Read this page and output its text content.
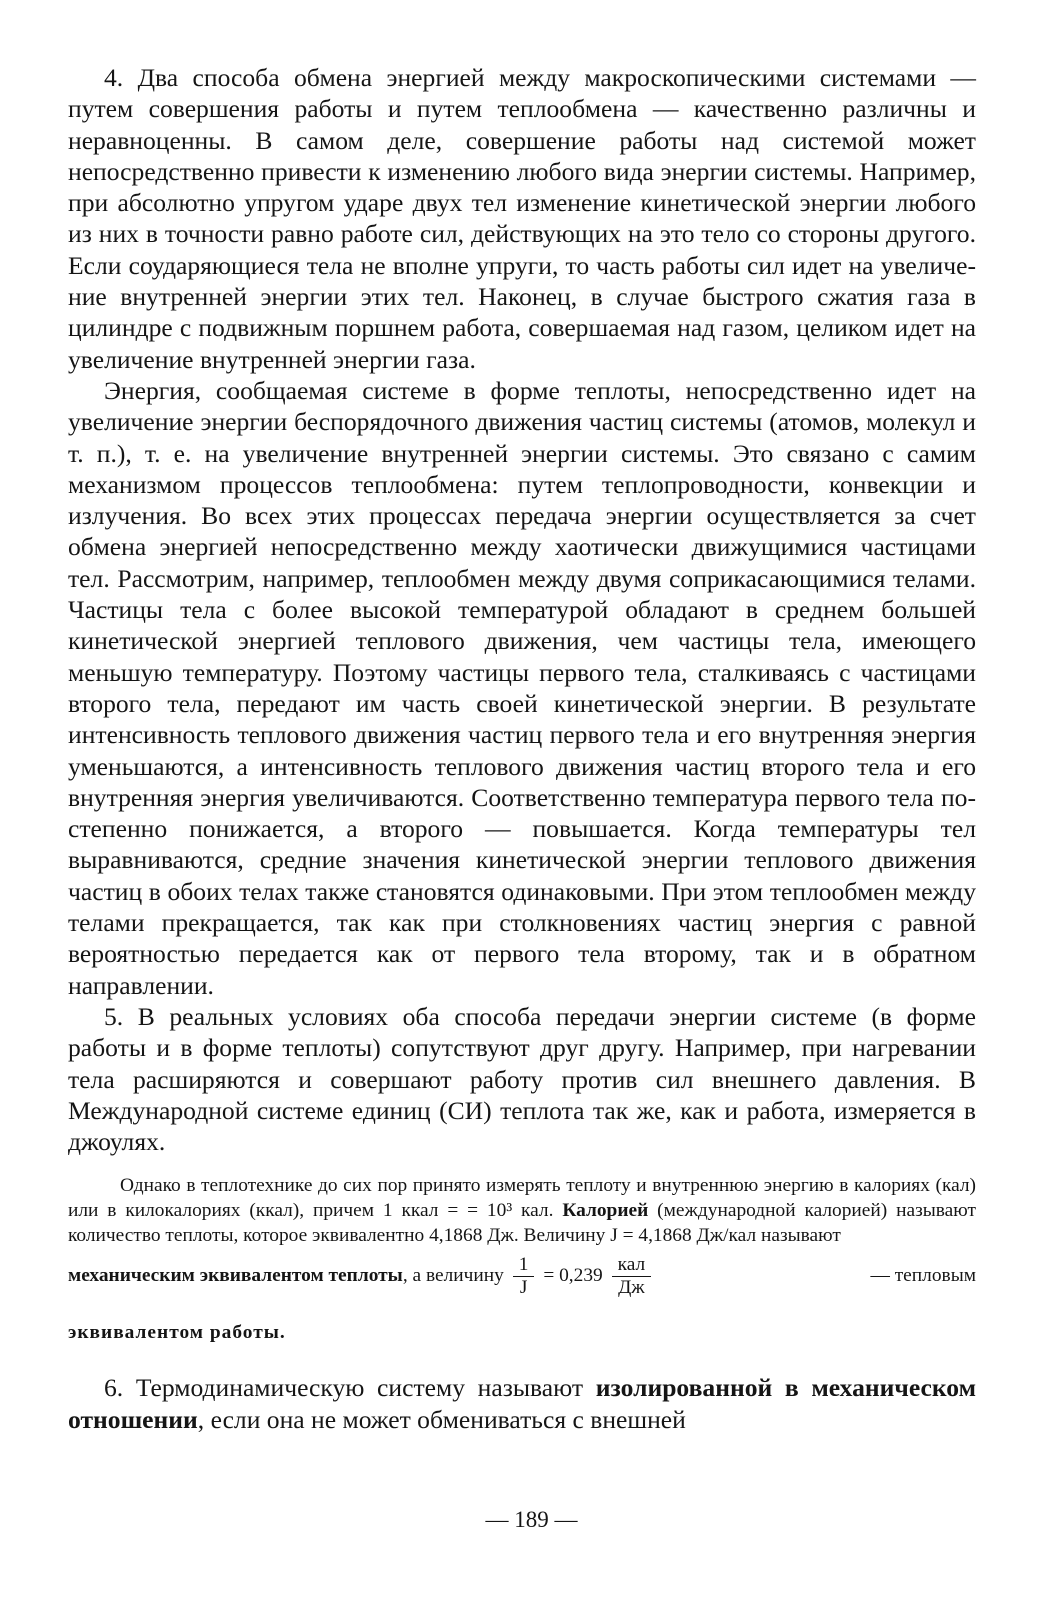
4. Два способа обмена энергией между макроскопическими системами — путем совершения работы и путем теплообмена — качественно различны и неравноценны. В самом деле, совершение работы над системой может непосредственно привести к изменению любого вида энергии системы. Например, при абсолютно упругом ударе двух тел изменение кинетической энергии любого из них в точности равно работе сил, действующих на это тело со стороны другого. Если соударяющиеся тела не вполне упруги, то часть работы сил идет на увеличение внутренней энергии этих тел. Наконец, в случае быстрого сжатия газа в цилиндре с подвижным поршнем работа, совершаемая над газом, целиком идет на увеличение внутренней энергии газа.

Энергия, сообщаемая системе в форме теплоты, непосредственно идет на увеличение энергии беспорядочного движения частиц системы (атомов, молекул и т. п.), т. е. на увеличение внутренней энергии системы. Это связано с самим механизмом процессов теплообмена: путем теплопроводности, конвекции и излучения. Во всех этих процессах передача энергии осуществляется за счет обмена энергией непосредственно между хаотически движущимися частицами тел. Рассмотрим, например, теплообмен между двумя соприкасающимися телами. Частицы тела с более высокой температурой обладают в среднем большей кинетической энергией теплового движения, чем частицы тела, имеющего меньшую температуру. Поэтому частицы первого тела, сталкиваясь с частицами второго тела, передают им часть своей кинетической энергии. В результате интенсивность теплового движения частиц первого тела и его внутренняя энергия уменьшаются, а интенсивность теплового движения частиц второго тела и его внутренняя энергия увеличиваются. Соответственно температура первого тела постепенно понижается, а второго — повышается. Когда температуры тел выравниваются, средние значения кинетической энергии теплового движения частиц в обоих телах также становятся одинаковыми. При этом теплообмен между телами прекращается, так как при столкновениях частиц энергия с равной вероятностью передается как от первого тела второму, так и в обратном направлении.

5. В реальных условиях оба способа передачи энергии системе (в форме работы и в форме теплоты) сопутствуют друг другу. Например, при нагревании тела расширяются и совершают работу против сил внешнего давления. В Международной системе единиц (СИ) теплота так же, как и работа, измеряется в джоулях.

Однако в теплотехнике до сих пор принято измерять теплоту и внутреннюю энергию в калориях (кал) или в килокалориях (ккал), причем 1 ккал = = 10³ кал. Калорией (международной калорией) называют количество теплоты, которое эквивалентно 4,1868 Дж. Величину J = 4,1868 Дж/кал называют
механическим эквивалентом теплоты, а величину $\frac{1}{J} = 0,239 \frac{\text{кал}}{Дж}$	— тепловым
эквивалентом работы.

6. Термодинамическую систему называют изолированной в механическом отношении, если она не может обмениваться с внешней

— 189 —
